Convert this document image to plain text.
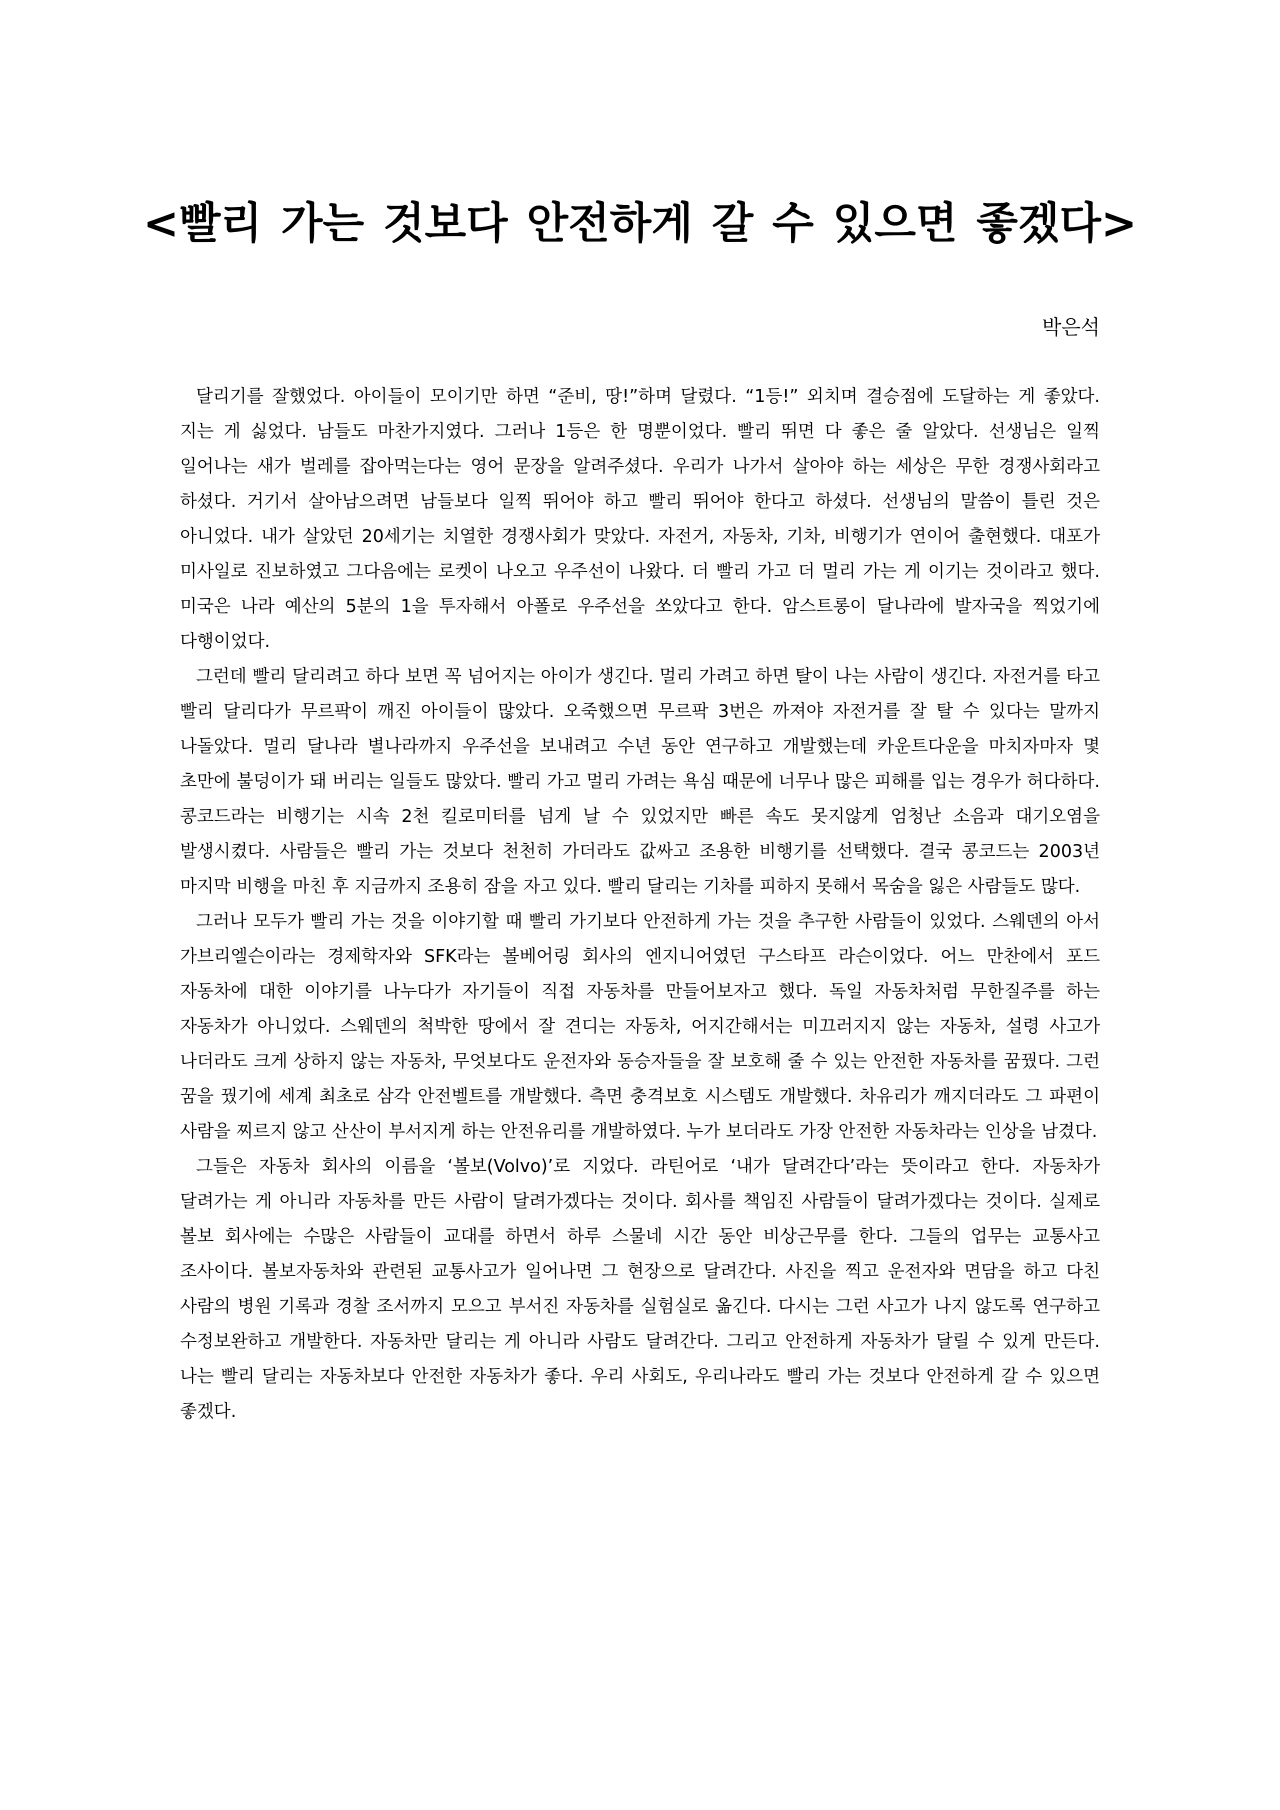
<빨리 가는 것보다 안전하게 갈 수 있으면 좋겠다>
박은석

달리기를 잘했었다. 아이들이 모이기만 하면 “준비, 땅!”하며 달렸다. “1등!” 외치며 결승점에 도달하는 게 좋았다. 지는 게 싫었다. 남들도 마찬가지였다. 그러나 1등은 한 명뿐이었다. 빨리 뛰면 다 좋은 줄 알았다. 선생님은 일찍 일어나는 새가 벌레를 잡아먹는다는 영어 문장을 알려주셨다. 우리가 나가서 살아야 하는 세상은 무한 경쟁사회라고 하셨다. 거기서 살아남으려면 남들보다 일찍 뛰어야 하고 빨리 뛰어야 한다고 하셨다. 선생님의 말씀이 틀린 것은 아니었다. 내가 살았던 20세기는 치열한 경쟁사회가 맞았다. 자전거, 자동차, 기차, 비행기가 연이어 출현했다. 대포가 미사일로 진보하였고 그다음에는 로켓이 나오고 우주선이 나왔다. 더 빨리 가고 더 멀리 가는 게 이기는 것이라고 했다. 미국은 나라 예산의 5분의 1을 투자해서 아폴로 우주선을 쏘았다고 한다. 암스트롱이 달나라에 발자국을 찍었기에 다행이었다.

그런데 빨리 달리려고 하다 보면 꼭 넘어지는 아이가 생긴다. 멀리 가려고 하면 탈이 나는 사람이 생긴다. 자전거를 타고 빨리 달리다가 무르팍이 깨진 아이들이 많았다. 오죽했으면 무르팍 3번은 까져야 자전거를 잘 탈 수 있다는 말까지 나돌았다. 멀리 달나라 별나라까지 우주선을 보내려고 수년 동안 연구하고 개발했는데 카운트다운을 마치자마자 몇 초만에 불덩이가 돼 버리는 일들도 많았다. 빨리 가고 멀리 가려는 욕심 때문에 너무나 많은 피해를 입는 경우가 허다하다. 콩코드라는 비행기는 시속 2천 킬로미터를 넘게 날 수 있었지만 빠른 속도 못지않게 엄청난 소음과 대기오염을 발생시켰다. 사람들은 빨리 가는 것보다 천천히 가더라도 값싸고 조용한 비행기를 선택했다. 결국 콩코드는 2003년 마지막 비행을 마친 후 지금까지 조용히 잠을 자고 있다. 빨리 달리는 기차를 피하지 못해서 목숨을 잃은 사람들도 많다.

그러나 모두가 빨리 가는 것을 이야기할 때 빨리 가기보다 안전하게 가는 것을 추구한 사람들이 있었다. 스웨덴의 아서 가브리엘슨이라는 경제학자와 SFK라는 볼베어링 회사의 엔지니어였던 구스타프 라슨이었다. 어느 만찬에서 포드 자동차에 대한 이야기를 나누다가 자기들이 직접 자동차를 만들어보자고 했다. 독일 자동차처럼 무한질주를 하는 자동차가 아니었다. 스웨덴의 척박한 땅에서 잘 견디는 자동차, 어지간해서는 미끄러지지 않는 자동차, 설령 사고가 나더라도 크게 상하지 않는 자동차, 무엇보다도 운전자와 동승자들을 잘 보호해 줄 수 있는 안전한 자동차를 꿈꿨다. 그런 꿈을 꿨기에 세계 최초로 삼각 안전벨트를 개발했다. 측면 충격보호 시스템도 개발했다. 차유리가 깨지더라도 그 파편이 사람을 찌르지 않고 산산이 부서지게 하는 안전유리를 개발하였다. 누가 보더라도 가장 안전한 자동차라는 인상을 남겼다.

그들은 자동차 회사의 이름을 ‘볼보(Volvo)’로 지었다. 라틴어로 ‘내가 달려간다’라는 뜻이라고 한다. 자동차가 달려가는 게 아니라 자동차를 만든 사람이 달려가겠다는 것이다. 회사를 책임진 사람들이 달려가겠다는 것이다. 실제로 볼보 회사에는 수많은 사람들이 교대를 하면서 하루 스물네 시간 동안 비상근무를 한다. 그들의 업무는 교통사고 조사이다. 볼보자동차와 관련된 교통사고가 일어나면 그 현장으로 달려간다. 사진을 찍고 운전자와 면담을 하고 다친 사람의 병원 기록과 경찰 조서까지 모으고 부서진 자동차를 실험실로 옮긴다. 다시는 그런 사고가 나지 않도록 연구하고 수정보완하고 개발한다. 자동차만 달리는 게 아니라 사람도 달려간다. 그리고 안전하게 자동차가 달릴 수 있게 만든다. 나는 빨리 달리는 자동차보다 안전한 자동차가 좋다. 우리 사회도, 우리나라도 빨리 가는 것보다 안전하게 갈 수 있으면 좋겠다.
